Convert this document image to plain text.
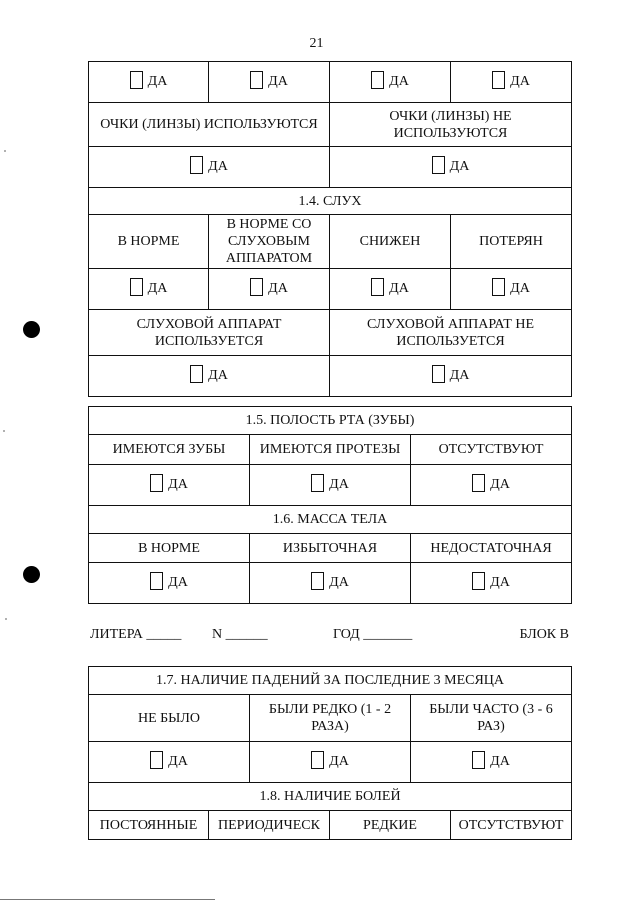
21
ДА	ДА	ДА	ДА

ОЧКИ (ЛИНЗЫ) ИСПОЛЬЗУЮТСЯ		ОЧКИ (ЛИНЗЫ) НЕ ИСПОЛЬЗУЮТСЯ	

ДА		ДА	

1.4. СЛУХ			
В НОРМЕ	В НОРМЕ СО СЛУХОВЫМ АППАРАТОМ	СНИЖЕН	ПОТЕРЯН

ДА	ДА	ДА	ДА

СЛУХОВОЙ АППАРАТ ИСПОЛЬЗУЕТСЯ		СЛУХОВОЙ АППАРАТ НЕ ИСПОЛЬЗУЕТСЯ	

ДА		ДА	
1.5. ПОЛОСТЬ РТА (ЗУБЫ)		
ИМЕЮТСЯ ЗУБЫ	ИМЕЮТСЯ ПРОТЕЗЫ	ОТСУТСТВУЮТ

ДА	ДА	ДА

1.6. МАССА ТЕЛА		
В НОРМЕ	ИЗБЫТОЧНАЯ	НЕДОСТАТОЧНАЯ

ДА	ДА	ДА
ЛИТЕРА _____ N ______	ГОД _______	БЛОК В
1.7. НАЛИЧИЕ ПАДЕНИЙ ЗА ПОСЛЕДНИЕ 3 МЕСЯЦА		
НЕ БЫЛО	БЫЛИ РЕДКО (1 - 2 РАЗА)	БЫЛИ ЧАСТО (3 - 6 РАЗ)

ДА	ДА	ДА
1.8. НАЛИЧИЕ БОЛЕЙ
ПОСТОЯННЫЕ	ПЕРИОДИЧЕСК	РЕДКИЕ	ОТСУТСТВУЮТ
